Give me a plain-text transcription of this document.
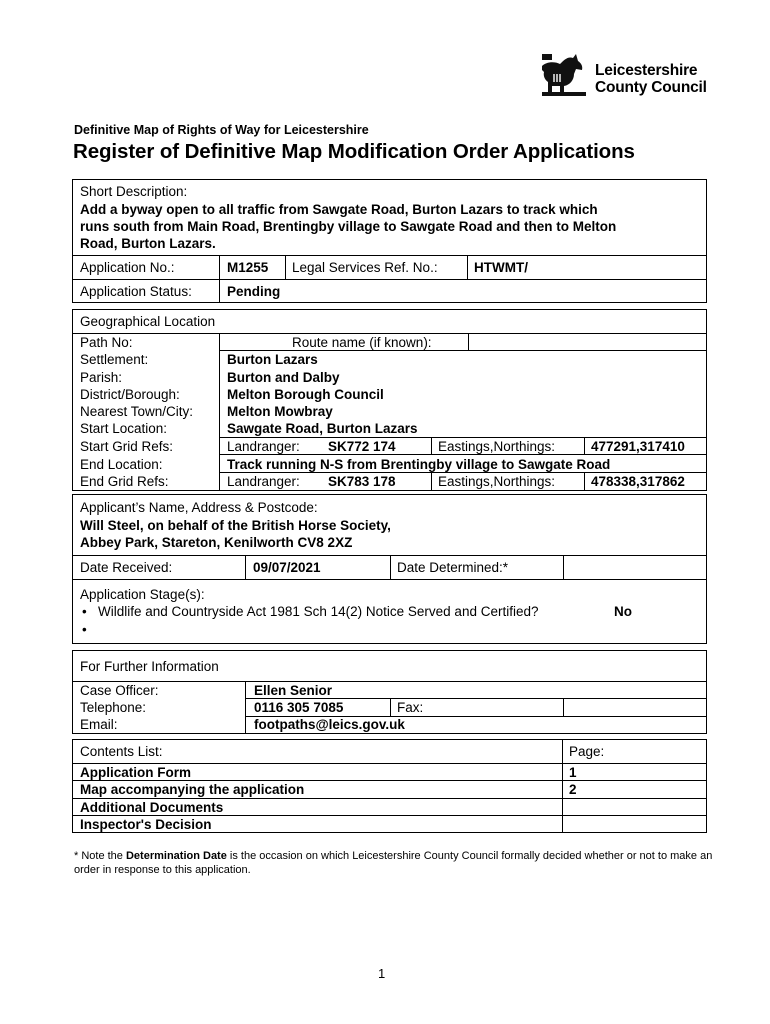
Leicestershire
County Council
Definitive Map of Rights of Way for Leicestershire
Register of Definitive Map Modification Order Applications
Short Description:
Add a byway open to all traffic from Sawgate Road, Burton Lazars to track which
runs south from Main Road, Brentingby village to Sawgate Road and then to Melton
Road, Burton Lazars.
Application No.:	M1255 Legal Services Ref. No.:	HTWMT/
Application Status:	Pending
Geographical Location
Path No:	Route name (if known):
Settlement:	Burton Lazars
Parish:	Burton and Dalby
District/Borough:	Melton Borough Council
Nearest Town/City:	Melton Mowbray
Start Location:	Sawgate Road, Burton Lazars
Start Grid Refs:	Landranger: SK772 174	Eastings,Northings:	477291,317410
End Location:	Track running N-S from Brentingby village to Sawgate Road
End Grid Refs:	Landranger: SK783 178	Eastings,Northings:	478338,317862
Applicant’s Name, Address & Postcode:
Will Steel, on behalf of the British Horse Society,
Abbey Park, Stareton, Kenilworth CV8 2XZ
Date Received:	09/07/2021	Date Determined:*
Application Stage(s):
• Wildlife and Countryside Act 1981 Sch 14(2) Notice Served and Certified?	No
•
For Further Information
Case Officer:	Ellen Senior
Telephone:	0116 305 7085	Fax:
Email:	footpaths@leics.gov.uk
Contents List:	Page:
Application Form	1
Map accompanying the application	2
Additional Documents
Inspector's Decision
* Note the Determination Date is the occasion on which Leicestershire County Council formally decided whether or not to make an order in response to this application.
1
